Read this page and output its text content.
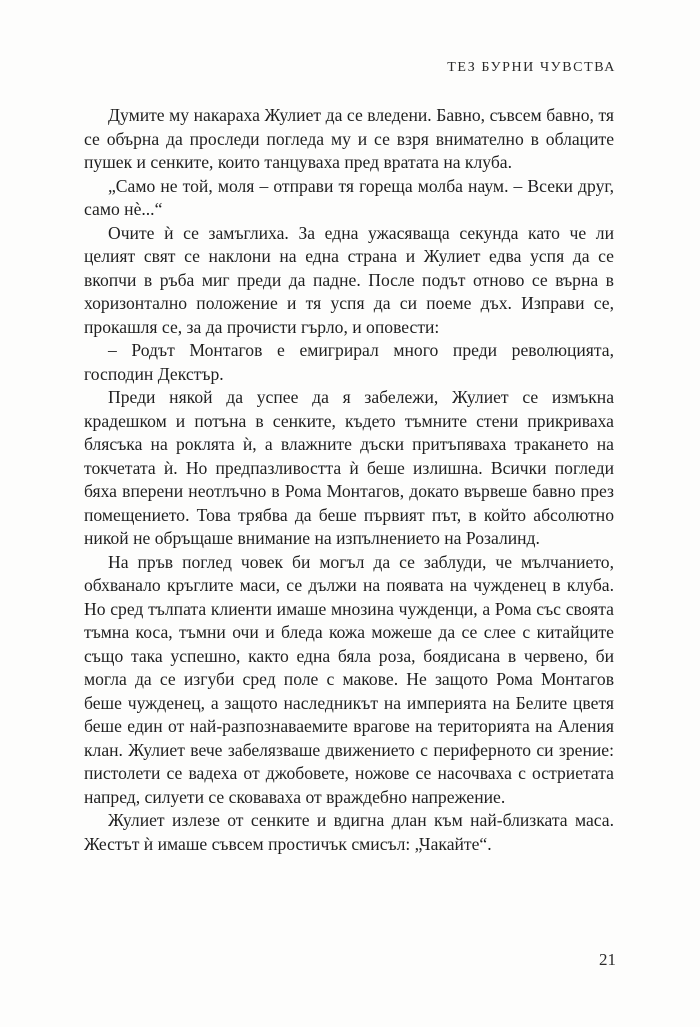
ТЕЗ БУРНИ ЧУВСТВА

Думите му накараха Жулиет да се вледени. Бавно, съвсем бавно, тя се обърна да проследи погледа му и се взря внимателно в облаците пушек и сенките, които танцуваха пред вратата на клуба.

„Само не той, моля – отправи тя гореща молба наум. – Всеки друг, само нѐ...“

Очите ѝ се замъглиха. За една ужасяваща секунда като че ли целият свят се наклони на една страна и Жулиет едва успя да се вкопчи в ръба миг преди да падне. После подът отново се върна в хоризонтално положение и тя успя да си поеме дъх. Изправи се, прокашля се, за да прочисти гърло, и оповести:

– Родът Монтагов е емигрирал много преди революцията, господин Декстър.

Преди някой да успее да я забележи, Жулиет се измъкна крадешком и потъна в сенките, където тъмните стени прикриваха блясъка на роклята ѝ, а влажните дъски притъпяваха тракането на токчетата ѝ. Но предпазливостта ѝ беше излишна. Всички погледи бяха вперени неотлъчно в Рома Монтагов, докато вървеше бавно през помещението. Това трябва да беше първият път, в който абсолютно никой не обръщаше внимание на изпълнението на Розалинд.

На пръв поглед човек би могъл да се заблуди, че мълчанието, обхванало кръглите маси, се дължи на появата на чужденец в клуба. Но сред тълпата клиенти имаше мнозина чужденци, а Рома със своята тъмна коса, тъмни очи и бледа кожа можеше да се слее с китайците също така успешно, както една бяла роза, боядисана в червено, би могла да се изгуби сред поле с макове. Не защото Рома Монтагов беше чужденец, а защото наследникът на империята на Белите цветя беше един от най-разпознаваемите врагове на територията на Аления клан. Жулиет вече забелязваше движението с периферното си зрение: пистолети се вадеха от джобовете, ножове се насочваха с остриетата напред, силуети се сковаваха от враждебно напрежение.

Жулиет излезе от сенките и вдигна длан към най-близката маса. Жестът ѝ имаше съвсем простичък смисъл: „Чакайте“.

21
